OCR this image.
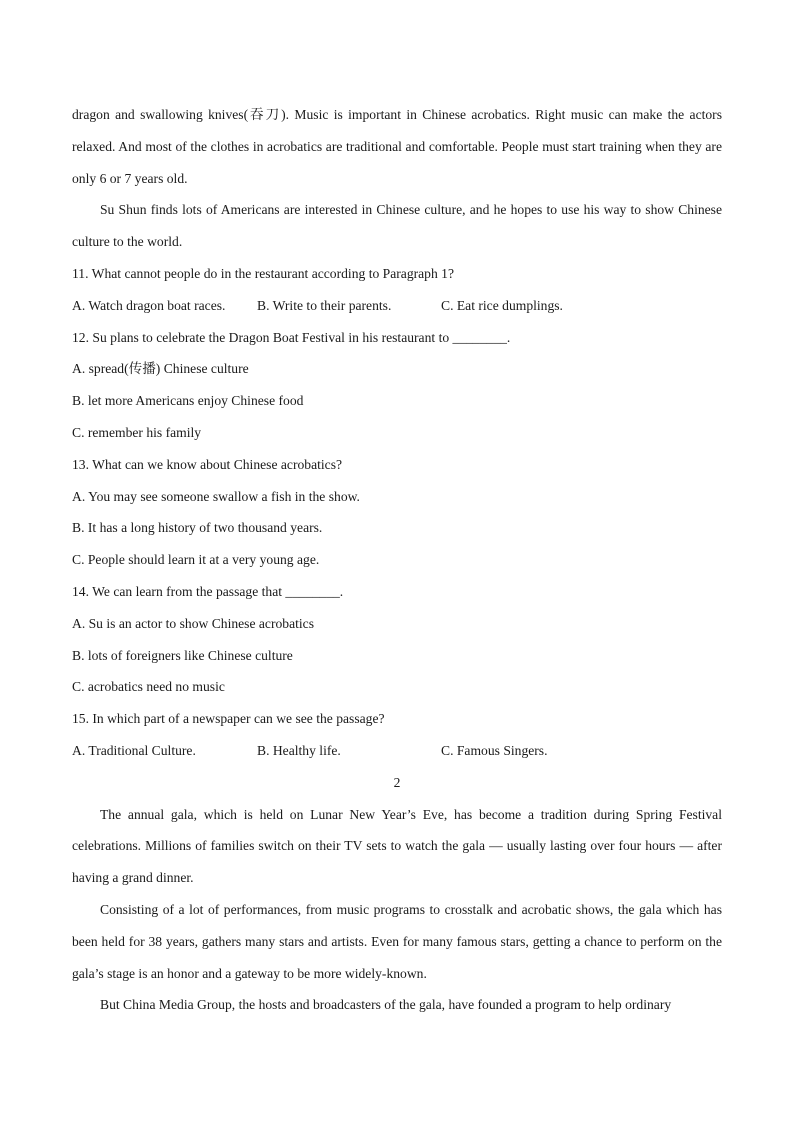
dragon and swallowing knives(吞刀). Music is important in Chinese acrobatics. Right music can make the actors relaxed. And most of the clothes in acrobatics are traditional and comfortable. People must start training when they are only 6 or 7 years old.

Su Shun finds lots of Americans are interested in Chinese culture, and he hopes to use his way to show Chinese culture to the world.

11. What cannot people do in the restaurant according to Paragraph 1?
A. Watch dragon boat races. B. Write to their parents.	C. Eat rice dumplings.
12. Su plans to celebrate the Dragon Boat Festival in his restaurant to ________.
A. spread(传播) Chinese culture
B. let more Americans enjoy Chinese food
C. remember his family
13. What can we know about Chinese acrobatics?
A. You may see someone swallow a fish in the show.
B. It has a long history of two thousand years.
C. People should learn it at a very young age.
14. We can learn from the passage that ________.
A. Su is an actor to show Chinese acrobatics
B. lots of foreigners like Chinese culture
C. acrobatics need no music
15. In which part of a newspaper can we see the passage?
A. Traditional Culture.	B. Healthy life.	C. Famous Singers.
2

The annual gala, which is held on Lunar New Year’s Eve, has become a tradition during Spring Festival celebrations. Millions of families switch on their TV sets to watch the gala — usually lasting over four hours — after having a grand dinner.

Consisting of a lot of performances, from music programs to crosstalk and acrobatic shows, the gala which has been held for 38 years, gathers many stars and artists. Even for many famous stars, getting a chance to perform on the gala’s stage is an honor and a gateway to be more widely-known.

But China Media Group, the hosts and broadcasters of the gala, have founded a program to help ordinary
